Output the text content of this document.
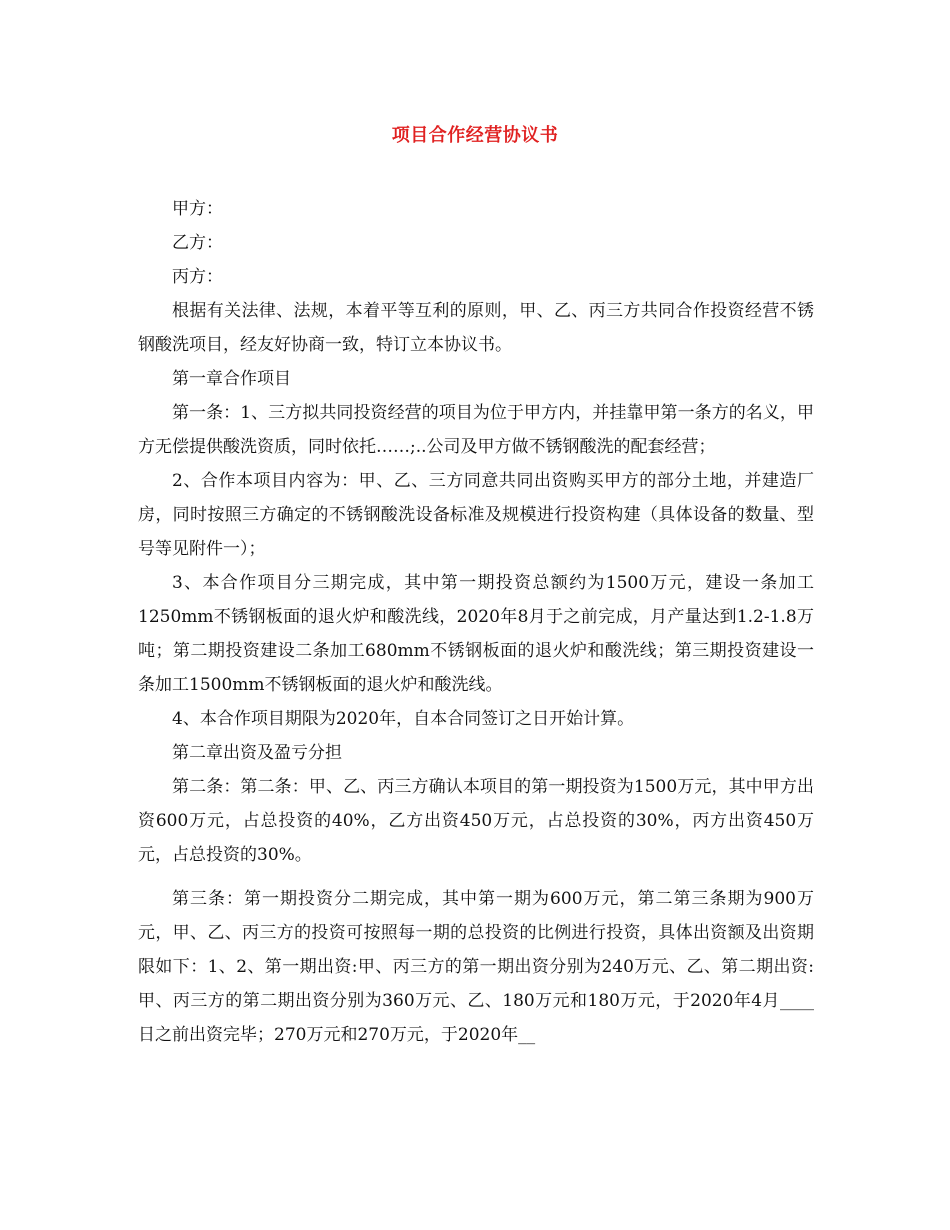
项目合作经营协议书

甲方：

乙方：

丙方：

根据有关法律、法规，本着平等互利的原则，甲、乙、丙三方共同合作投资经营不锈钢酸洗项目，经友好协商一致，特订立本协议书。

第一章合作项目

第一条：1、三方拟共同投资经营的项目为位于甲方内，并挂靠甲第一条方的名义，甲方无偿提供酸洗资质，同时依托……;..公司及甲方做不锈钢酸洗的配套经营；

2、合作本项目内容为：甲、乙、三方同意共同出资购买甲方的部分土地，并建造厂房，同时按照三方确定的不锈钢酸洗设备标准及规模进行投资构建（具体设备的数量、型号等见附件一）；

3、本合作项目分三期完成，其中第一期投资总额约为1500万元，建设一条加工1250mm不锈钢板面的退火炉和酸洗线，2020年8月于之前完成，月产量达到1.2-1.8万吨；第二期投资建设二条加工680mm不锈钢板面的退火炉和酸洗线；第三期投资建设一条加工1500mm不锈钢板面的退火炉和酸洗线。

4、本合作项目期限为2020年，自本合同签订之日开始计算。

第二章出资及盈亏分担

第二条：第二条：甲、乙、丙三方确认本项目的第一期投资为1500万元，其中甲方出资600万元，占总投资的40%，乙方出资450万元，占总投资的30%，丙方出资450万元，占总投资的30%。

第三条：第一期投资分二期完成，其中第一期为600万元，第二第三条期为900万元，甲、乙、丙三方的投资可按照每一期的总投资的比例进行投资，具体出资额及出资期限如下：1、2、第一期出资:甲、丙三方的第一期出资分别为240万元、乙、第二期出资:甲、丙三方的第二期出资分别为360万元、乙、180万元和180万元，于2020年4月____日之前出资完毕；270万元和270万元，于2020年__
